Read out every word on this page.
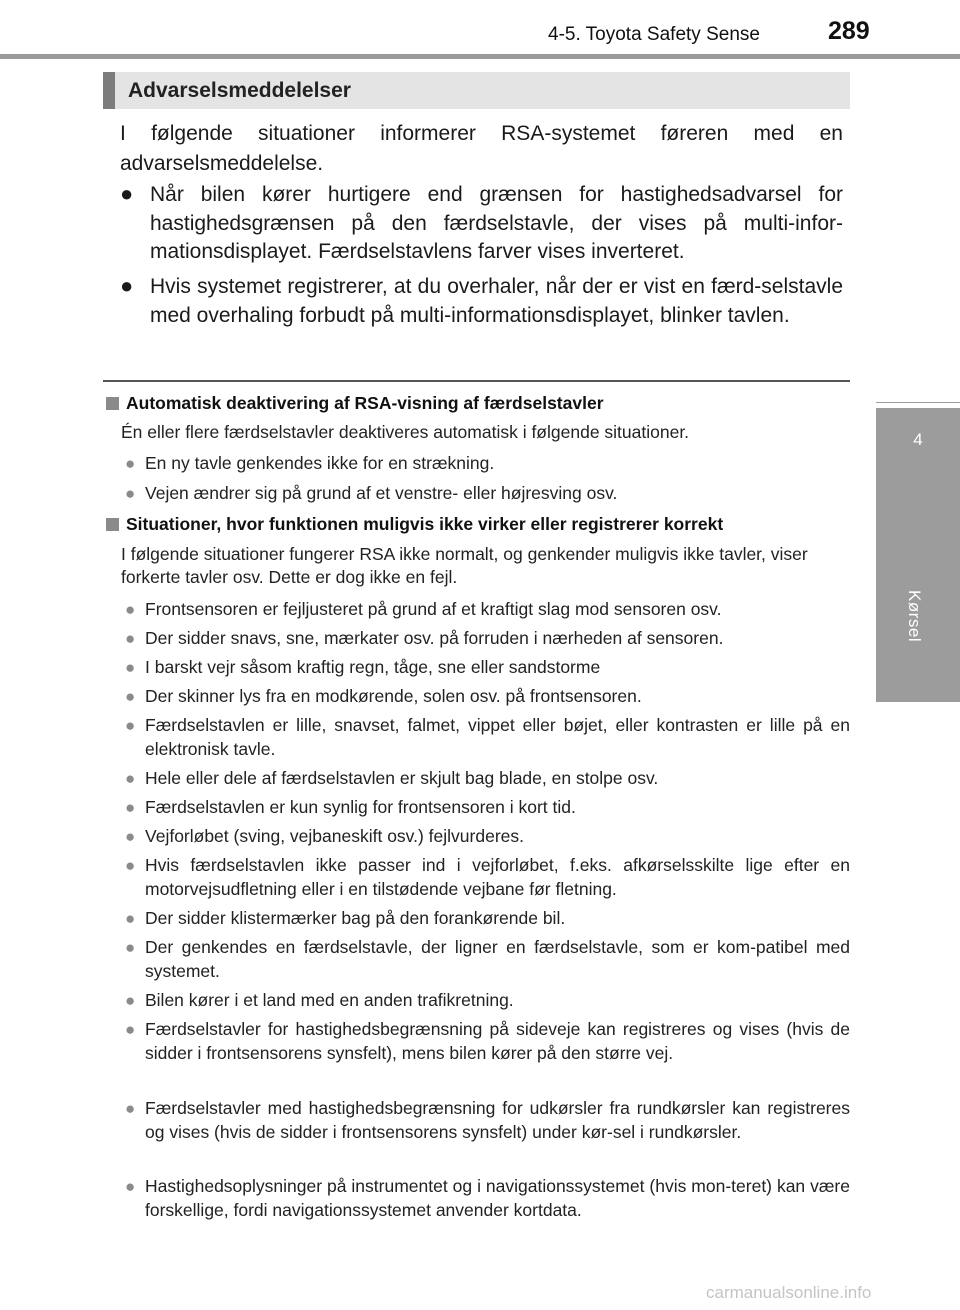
4-5. Toyota Safety Sense	289
4
Kørsel
Advarselsmeddelelser
I følgende situationer informerer RSA-systemet føreren med en advarselsmeddelelse.
● Når bilen kører hurtigere end grænsen for hastighedsadvarsel for hastighedsgrænsen på den færdselstavle, der vises på multi-infor-mationsdisplayet. Færdselstavlens farver vises inverteret.
● Hvis systemet registrerer, at du overhaler, når der er vist en færd-selstavle med overhaling forbudt på multi-informationsdisplayet, blinker tavlen.
Automatisk deaktivering af RSA-visning af færdselstavler
Én eller flere færdselstavler deaktiveres automatisk i følgende situationer.
● En ny tavle genkendes ikke for en strækning.
● Vejen ændrer sig på grund af et venstre- eller højresving osv.
Situationer, hvor funktionen muligvis ikke virker eller registrerer korrekt
I følgende situationer fungerer RSA ikke normalt, og genkender muligvis ikke tavler, viser forkerte tavler osv. Dette er dog ikke en fejl.
● Frontsensoren er fejljusteret på grund af et kraftigt slag mod sensoren osv.
● Der sidder snavs, sne, mærkater osv. på forruden i nærheden af sensoren.
● I barskt vejr såsom kraftig regn, tåge, sne eller sandstorme
● Der skinner lys fra en modkørende, solen osv. på frontsensoren.
● Færdselstavlen er lille, snavset, falmet, vippet eller bøjet, eller kontrasten er lille på en elektronisk tavle.
● Hele eller dele af færdselstavlen er skjult bag blade, en stolpe osv.
● Færdselstavlen er kun synlig for frontsensoren i kort tid.
● Vejforløbet (sving, vejbaneskift osv.) fejlvurderes.
● Hvis færdselstavlen ikke passer ind i vejforløbet, f.eks. afkørselsskilte lige efter en motorvejsudfletning eller i en tilstødende vejbane før fletning.
● Der sidder klistermærker bag på den forankørende bil.
● Der genkendes en færdselstavle, der ligner en færdselstavle, som er kom-patibel med systemet.
● Bilen kører i et land med en anden trafikretning.
● Færdselstavler for hastighedsbegrænsning på sideveje kan registreres og vises (hvis de sidder i frontsensorens synsfelt), mens bilen kører på den større vej.
● Færdselstavler med hastighedsbegrænsning for udkørsler fra rundkørsler kan registreres og vises (hvis de sidder i frontsensorens synsfelt) under kør-sel i rundkørsler.
● Hastighedsoplysninger på instrumentet og i navigationssystemet (hvis mon-teret) kan være forskellige, fordi navigationssystemet anvender kortdata.
carmanualsonline.info
